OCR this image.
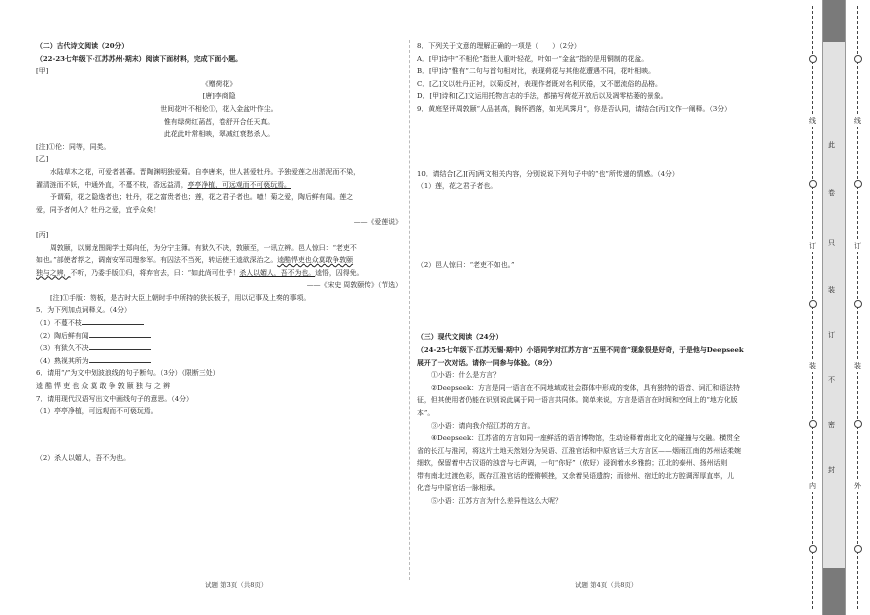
（二）古代诗文阅读（20分）

（22-23七年级下·江苏苏州·期末）阅读下面材料，完成下面小题。

[甲]

《赠荷花》

[唐]李商隐

世间花叶不相伦①，花入金盆叶作尘。

惟有绿荷红菡萏，卷舒开合任天真。

此花此叶常相映，翠减红衰愁杀人。

[注]①伦：同等，同类。

[乙]

水陆草木之花，可爱者甚蕃。晋陶渊明独爱菊。自李唐来，世人甚爱牡丹。予独爱莲之出淤泥而不染，

濯清涟而不妖，中通外直，不蔓不枝，香远益清，亭亭净植，可远观而不可亵玩焉。

予谓菊，花之隐逸者也；牡丹，花之富贵者也；莲，花之君子者也。噫！菊之爱，陶后鲜有闻。莲之

爱，同予者何人？牡丹之爱，宜乎众矣！

——《爱莲说》

[丙]

周敦颐，以舅龙图阁学士郑向任，为分宁主簿。有狱久不决，敦颐至，一讯立辨。邑人惊曰：“老吏不

如也。”部使者荐之，调南安军司理参军。有囚法不当死，转运使王逵欲深治之。逵酷悍吏也众莫敢争敦颐

独与之辨，不听，乃委手版①归，将弃官去，曰：“如此尚可仕乎！杀人以媚人，吾不为也。逵悟，囚得免。

——《宋史 周敦颐传》（节选）

[注]①手版：笏板，是古时大臣上朝时手中所持的狭长板子，用以记事及上奏的事项。

5．为下列加点词释义。（4分）

（1）不蔓不枝

（2）陶后鲜有闻

（3）有狱久不决

（4）熟视其所为

6．请用“/”为文中划波浪线的句子断句。（3分）（限断三处）

逵 酷 悍 吏 也 众 莫 敢 争 敦 颐 独 与 之 辨

7．请用现代汉语写出文中画线句子的意思。（4分）

（1）亭亭净植，可远观而不可亵玩焉。

（2）杀人以媚人，吾不为也。

试题 第3页（共8页）

8．下列关于文意的理解正确的一项是（　　）（2分）

A．[甲]诗中“不相伦”指世人重叶轻花，叶如一“金盆”指的是用铜制的花盆。

B．[甲]诗“惟有”二句与首句相对比，表现荷花与其他花遭遇不同，花叶相映。

C．[乙]文以牡丹正衬，以菊反衬，表现作者既对名利厌倦，又不愿流俗的品格。

D．[甲]诗和[乙]文运用托物言志的手法，都描写荷花开放后以及凋零枯萎的景象。

9．黄庭坚评周敦颐“人品甚高，胸怀洒落，如光风霁月”，你是否认同，请结合[丙]文作一阐释。（3分）

10．请结合[乙][丙]两文相关内容，分别说说下列句子中的“也”所传递的情感。（4分）

（1）莲，花之君子者也。

（2）邑人惊曰：“老吏不如也。”

（三）现代文阅读（24分）

（24-25七年级下·江苏无锡·期中）小语同学对江苏方言“五里不同音”现象很是好奇，于是他与Deepseek

展开了一次对话。请你一同参与体验。（8分）

①小语：什么是方言？

②Deepseek：方言是同一语言在不同地域或社会群体中形成的变体，具有独特的语音、词汇和语法特

征，但其使用者仍能在识别说此属于同一语言共同体。简单来说，方言是语言在时间和空间上的“地方化版

本”。

③小语：请向我介绍江苏的方言。

④Deepseek：江苏省的方言如同一座鲜活的语言博物馆，生动诠释着南北文化的碰撞与交融。横贯全

省的长江与淮河，将这片土地天然划分为吴语、江淮官话和中原官话三大方言区——烟雨江南的苏州话柔婉

细软，保留着中古汉语的浊音与七声调，一句“你好”（侬好）浸润着水乡雅韵；江北的泰州、扬州话则

带有南北过渡色彩，既存江淮官话的铿锵顿挫，又余着吴语遗韵；而徐州、宿迁的北方腔调浑厚直率，儿

化音与中原官话一脉相承。

⑤小语：江苏方言为什么差异性这么大呢？

试题 第4页（共8页）
线
订
装
内
线
订
装
外
此
卷
只
装
订
不
密
封
